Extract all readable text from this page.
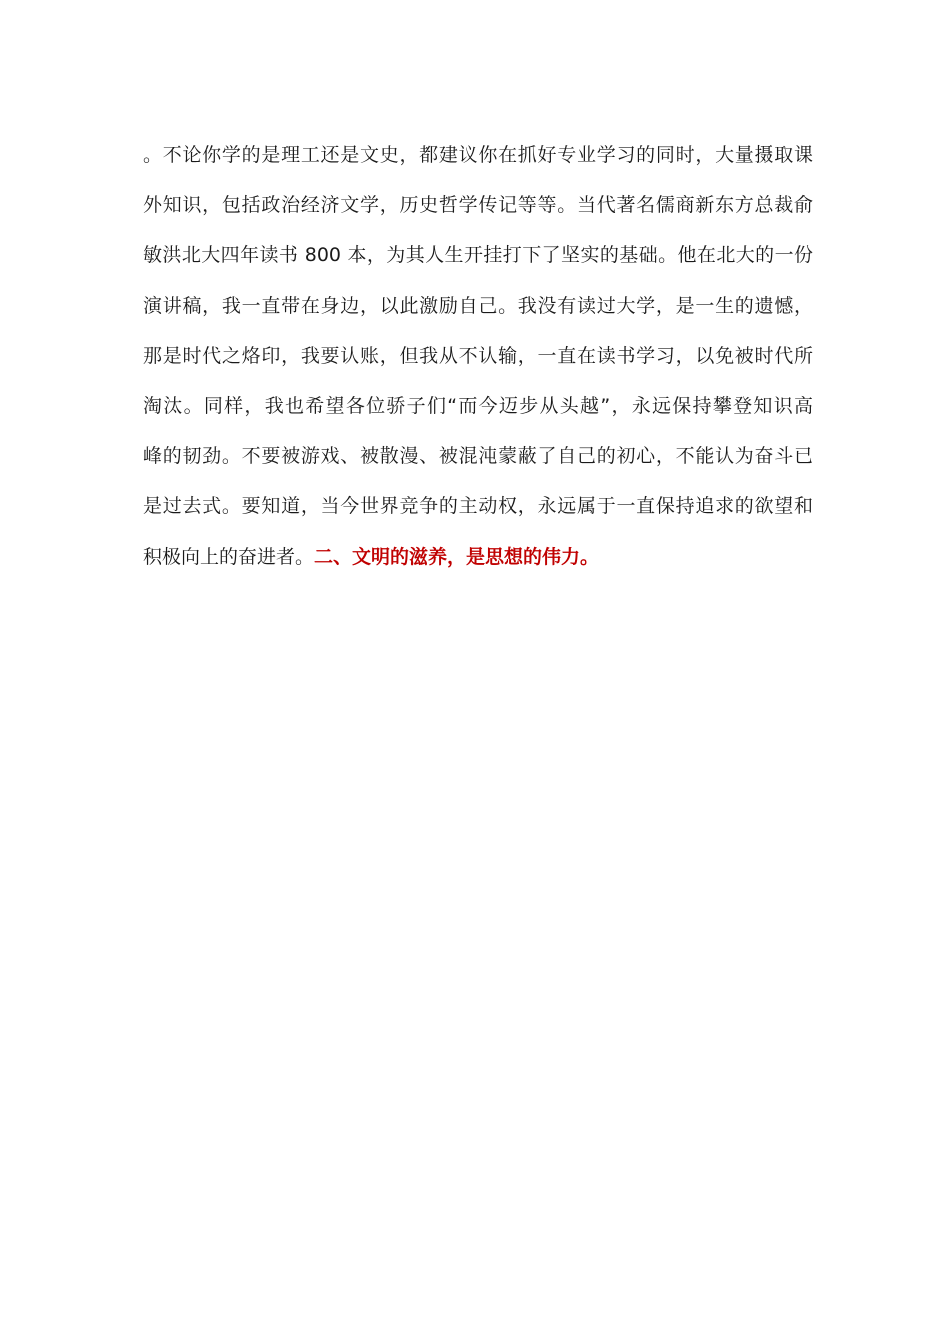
。不论你学的是理工还是文史，都建议你在抓好专业学习的同时，大量摄取课
外知识，包括政治经济文学，历史哲学传记等等。当代著名儒商新东方总裁俞
敏洪北大四年读书 800 本，为其人生开挂打下了坚实的基础。他在北大的一份
演讲稿，我一直带在身边，以此激励自己。我没有读过大学，是一生的遗憾，
那是时代之烙印，我要认账，但我从不认输，一直在读书学习，以免被时代所
淘汰。同样，我也希望各位骄子们“而今迈步从头越”，永远保持攀登知识高
峰的韧劲。不要被游戏、被散漫、被混沌蒙蔽了自己的初心，不能认为奋斗已
是过去式。要知道，当今世界竞争的主动权，永远属于一直保持追求的欲望和
积极向上的奋进者。二、文明的滋养，是思想的伟力。
